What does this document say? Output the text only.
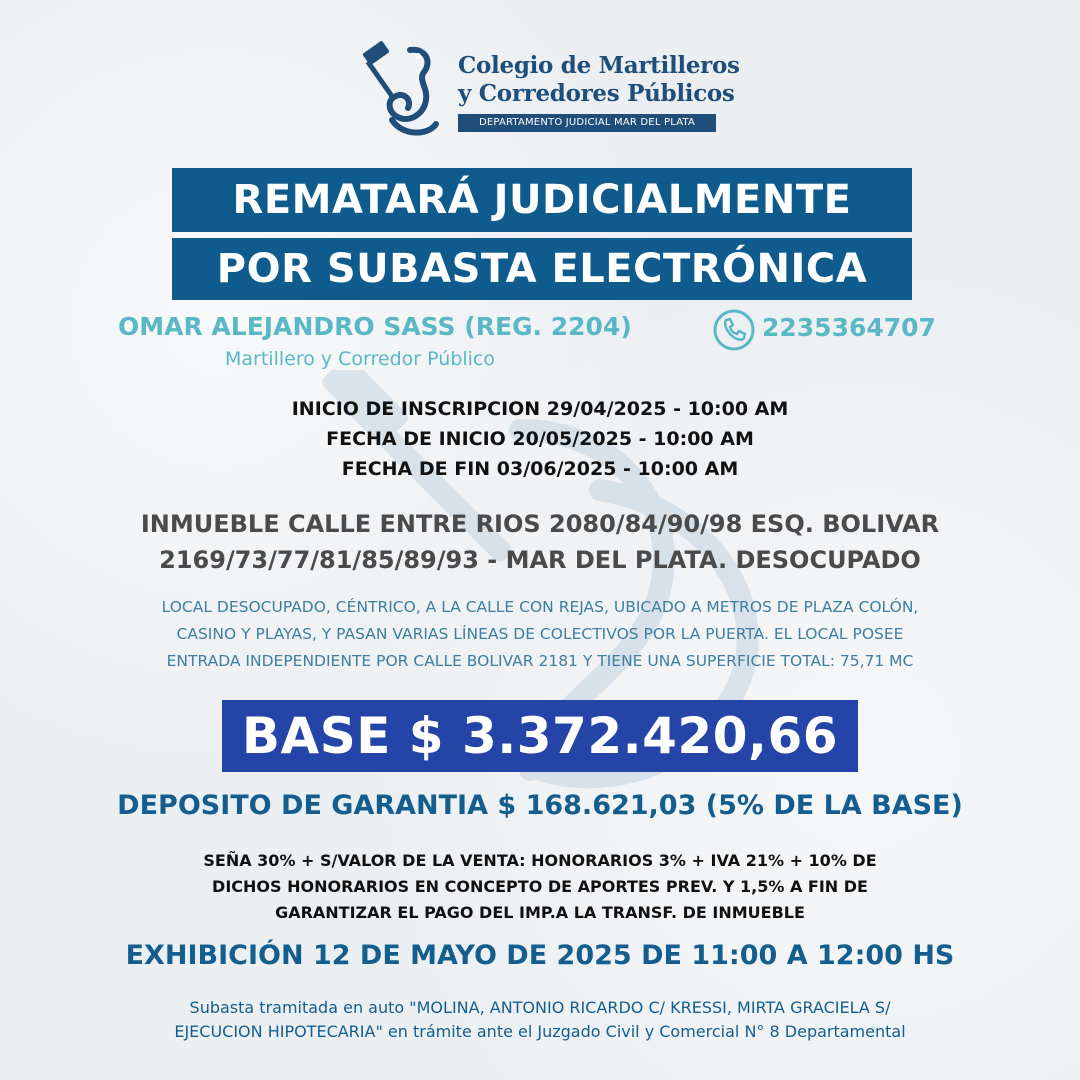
Colegio de Martilleros
y Corredores Públicos
DEPARTAMENTO JUDICIAL MAR DEL PLATA
REMATARÁ JUDICIALMENTE
POR SUBASTA ELECTRÓNICA
OMAR ALEJANDRO SASS (REG. 2204)
Martillero y Corredor Público
2235364707
INICIO DE INSCRIPCION 29/04/2025 - 10:00 AM
FECHA DE INICIO 20/05/2025 - 10:00 AM
FECHA DE FIN 03/06/2025 - 10:00 AM
INMUEBLE CALLE ENTRE RIOS 2080/84/90/98 ESQ. BOLIVAR
2169/73/77/81/85/89/93 - MAR DEL PLATA. DESOCUPADO
LOCAL DESOCUPADO, CÉNTRICO, A LA CALLE CON REJAS, UBICADO A METROS DE PLAZA COLÓN,
CASINO Y PLAYAS, Y PASAN VARIAS LÍNEAS DE COLECTIVOS POR LA PUERTA. EL LOCAL POSEE
ENTRADA INDEPENDIENTE POR CALLE BOLIVAR 2181 Y TIENE UNA SUPERFICIE TOTAL: 75,71 MC
BASE $ 3.372.420,66
DEPOSITO DE GARANTIA $ 168.621,03 (5% DE LA BASE)
SEÑA 30% + S/VALOR DE LA VENTA: HONORARIOS 3% + IVA 21% + 10% DE
DICHOS HONORARIOS EN CONCEPTO DE APORTES PREV. Y 1,5% A FIN DE
GARANTIZAR EL PAGO DEL IMP.A LA TRANSF. DE INMUEBLE
EXHIBICIÓN 12 DE MAYO DE 2025 DE 11:00 A 12:00 HS
Subasta tramitada en auto "MOLINA, ANTONIO RICARDO C/ KRESSI, MIRTA GRACIELA S/
EJECUCION HIPOTECARIA" en trámite ante el Juzgado Civil y Comercial N° 8 Departamental
